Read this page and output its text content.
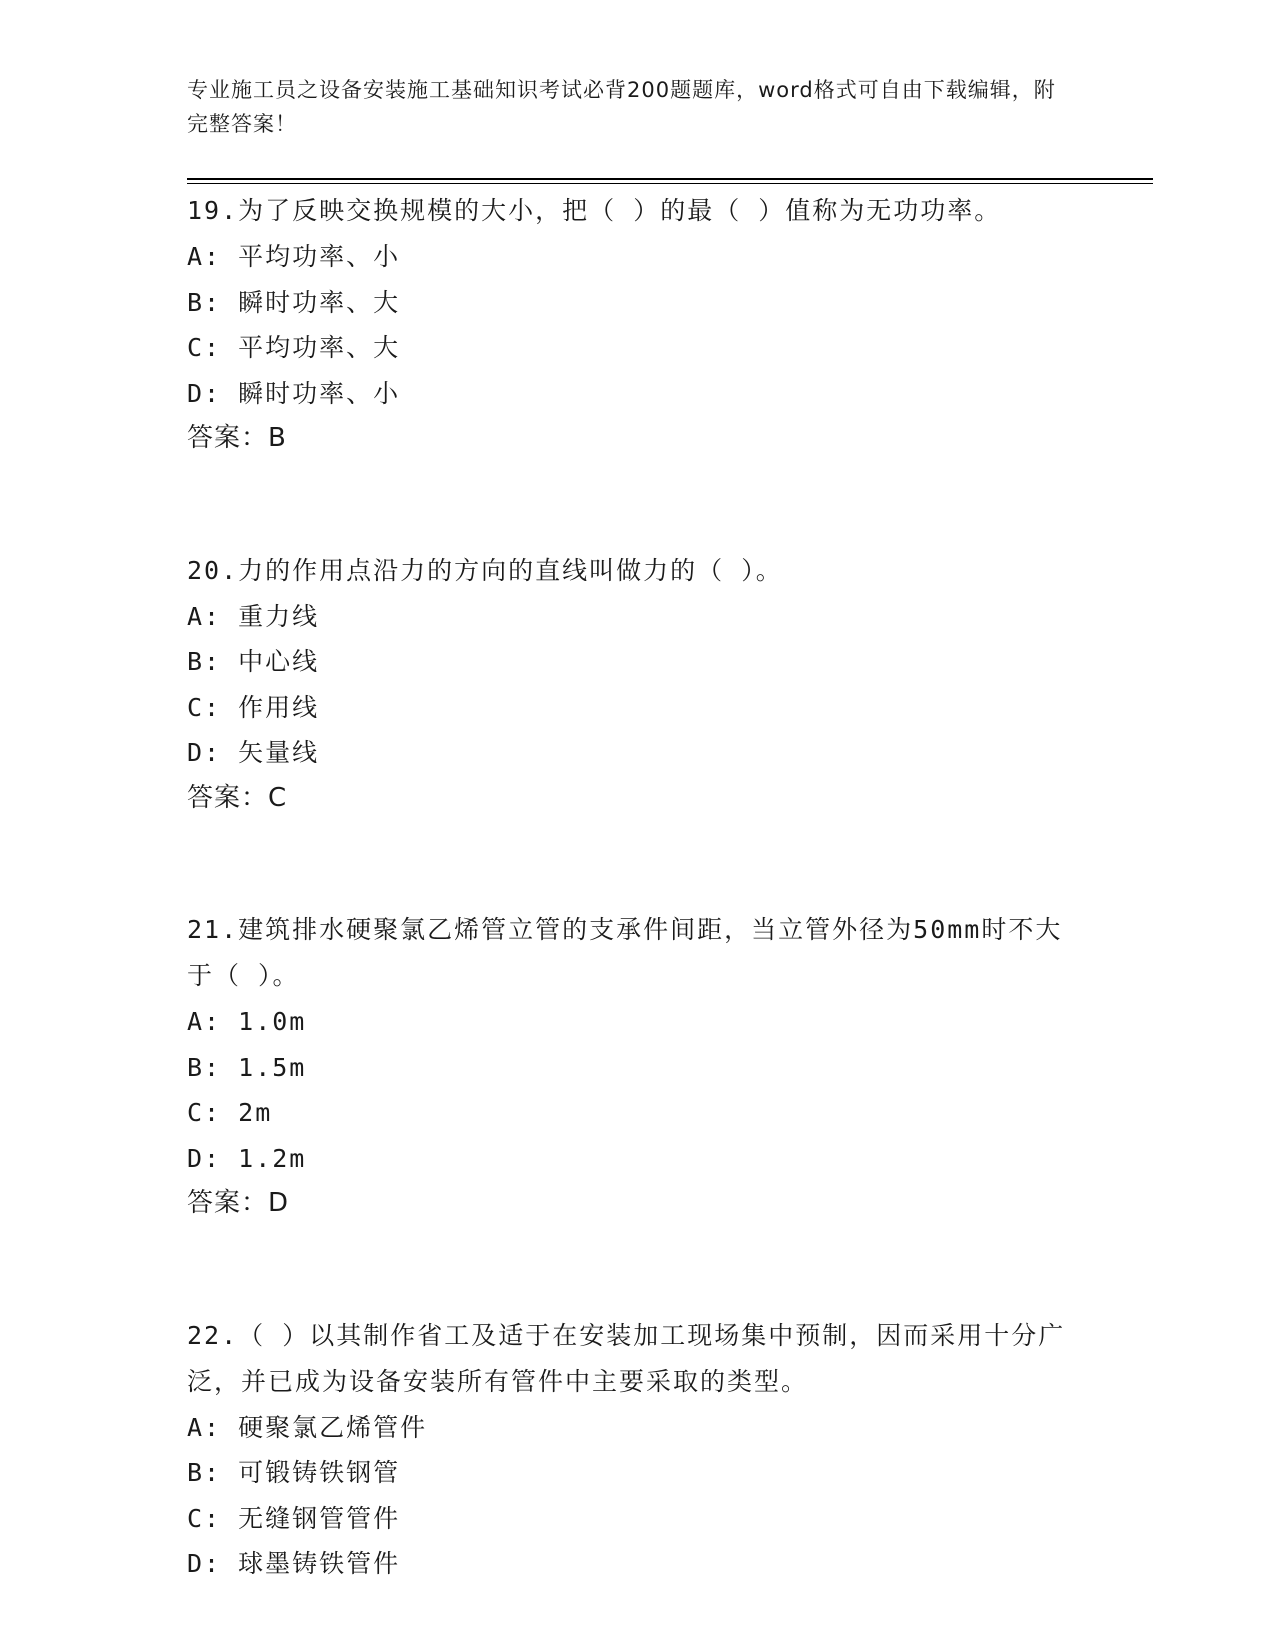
专业施工员之设备安装施工基础知识考试必背200题题库，word格式可自由下载编辑，附完整答案！
19.为了反映交换规模的大小，把（ ）的最（ ）值称为无功功率。
A: 平均功率、小
B: 瞬时功率、大
C: 平均功率、大
D: 瞬时功率、小
答案：B
20.力的作用点沿力的方向的直线叫做力的（ ）。
A: 重力线
B: 中心线
C: 作用线
D: 矢量线
答案：C
21.建筑排水硬聚氯乙烯管立管的支承件间距，当立管外径为50mm时不大于（ ）。
A: 1.0m
B: 1.5m
C: 2m
D: 1.2m
答案：D
22.（ ）以其制作省工及适于在安装加工现场集中预制，因而采用十分广泛，并已成为设备安装所有管件中主要采取的类型。
A: 硬聚氯乙烯管件
B: 可锻铸铁钢管
C: 无缝钢管管件
D: 球墨铸铁管件
